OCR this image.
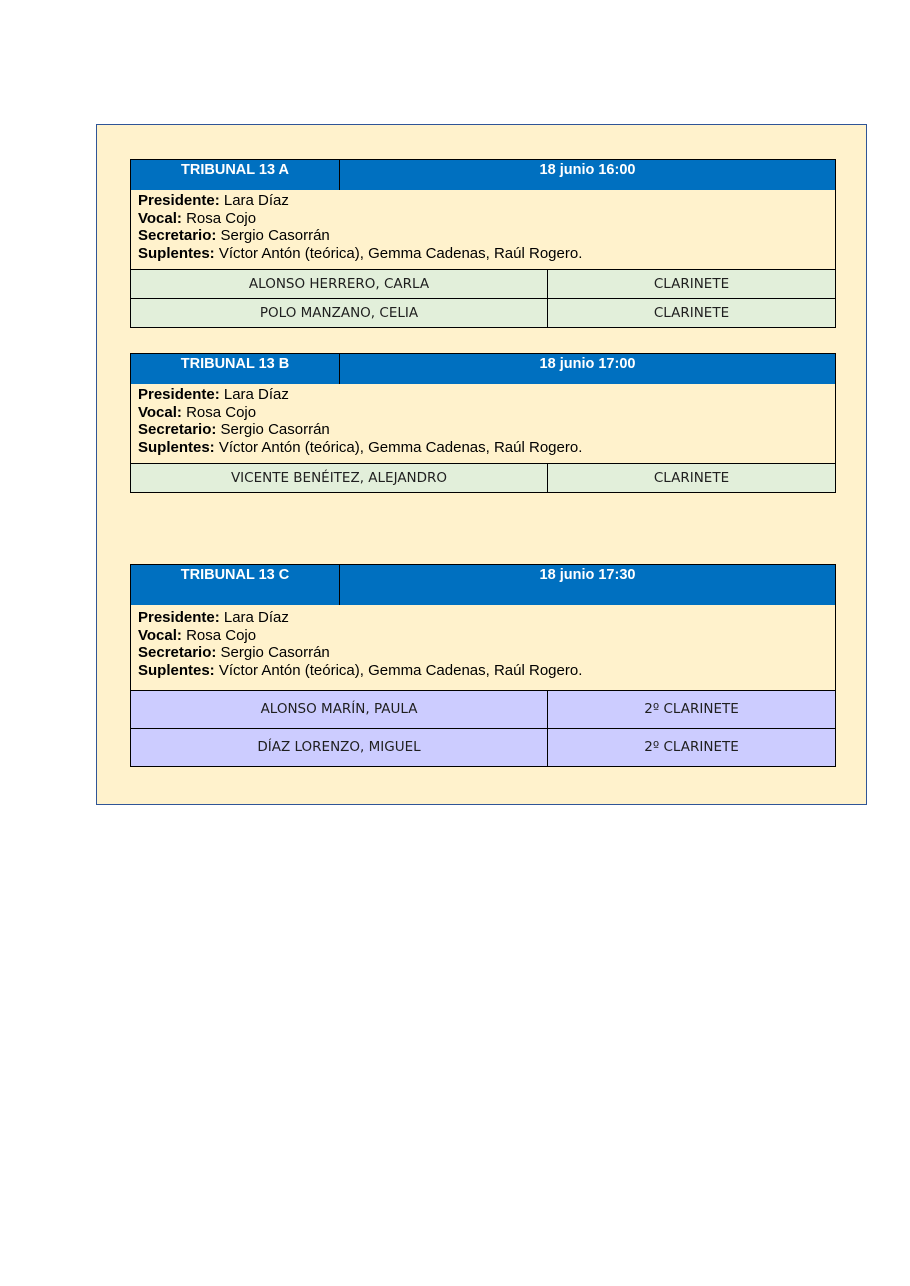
TRIBUNAL 13 A	18 junio 16:00
Presidente: Lara Díaz
Vocal: Rosa Cojo
Secretario: Sergio Casorrán
Suplentes: Víctor Antón (teórica), Gemma Cadenas, Raúl Rogero.
ALONSO HERRERO, CARLA	CLARINETE
POLO MANZANO, CELIA	CLARINETE
TRIBUNAL 13 B	18 junio 17:00
Presidente: Lara Díaz
Vocal: Rosa Cojo
Secretario: Sergio Casorrán
Suplentes: Víctor Antón (teórica), Gemma Cadenas, Raúl Rogero.
VICENTE BENÉITEZ, ALEJANDRO	CLARINETE
TRIBUNAL 13 C	18 junio 17:30
Presidente: Lara Díaz
Vocal: Rosa Cojo
Secretario: Sergio Casorrán
Suplentes: Víctor Antón (teórica), Gemma Cadenas, Raúl Rogero.
ALONSO MARÍN, PAULA	2º CLARINETE
DÍAZ LORENZO, MIGUEL	2º CLARINETE
